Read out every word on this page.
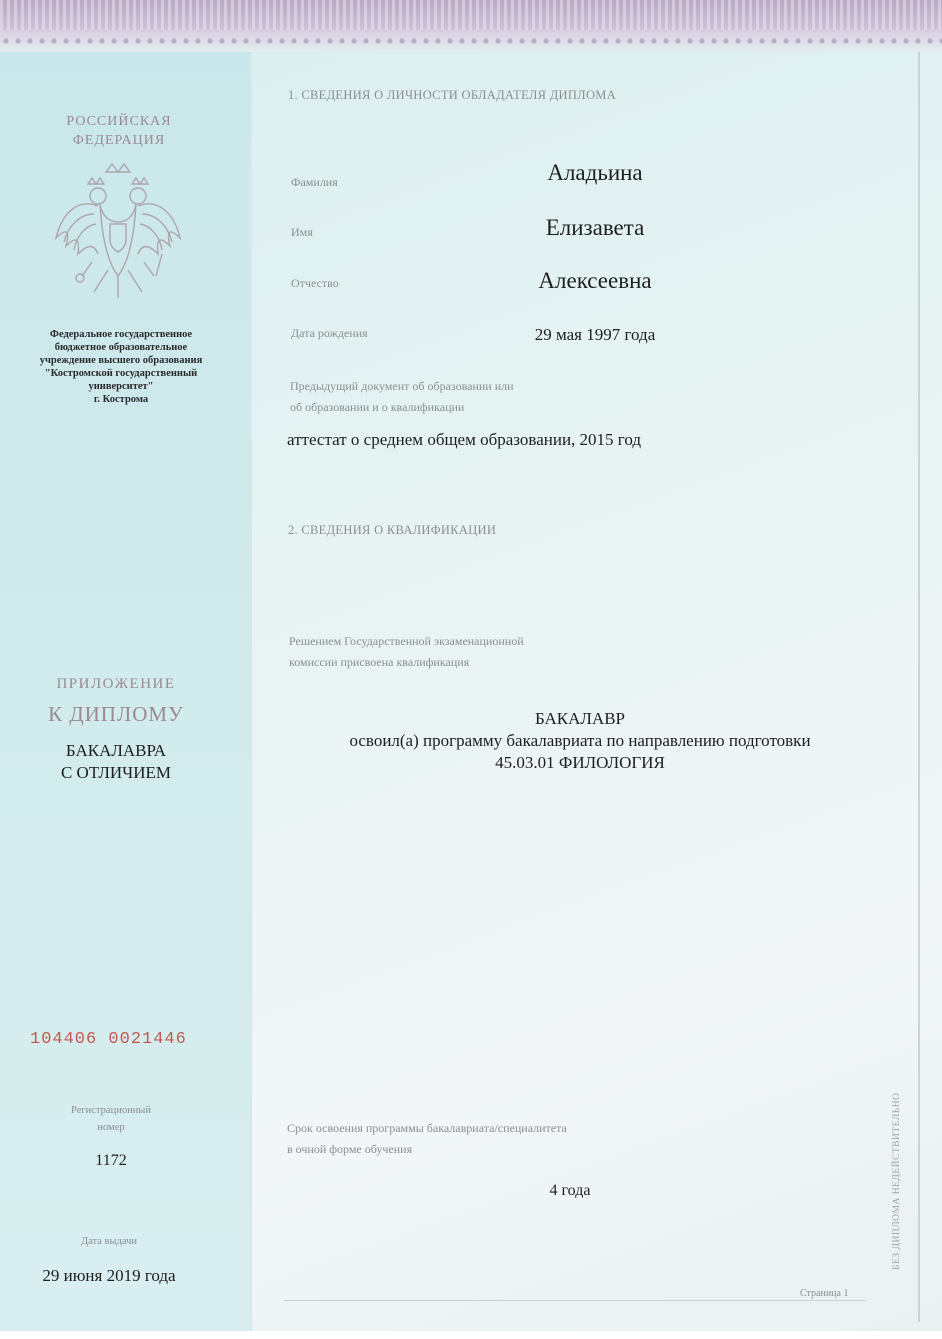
РОССИЙСКАЯ
ФЕДЕРАЦИЯ
Федеральное государственное
бюджетное образовательное
учреждение высшего образования
"Костромской государственный
университет"
г. Кострома
ПРИЛОЖЕНИЕ
К ДИПЛОМУ
БАКАЛАВРА
С ОТЛИЧИЕМ
104406 0021446
Регистрационный
номер
1172
Дата выдачи
29 июня 2019 года
1. СВЕДЕНИЯ О ЛИЧНОСТИ ОБЛАДАТЕЛЯ ДИПЛОМА
Фамилия	Аладьина
Имя	Елизавета
Отчество	Алексеевна
Дата рождения	29 мая 1997 года
Предыдущий документ об образовании или
об образовании и о квалификации
аттестат о среднем общем образовании, 2015 год
2. СВЕДЕНИЯ О КВАЛИФИКАЦИИ
Решением Государственной экзаменационной
комиссии присвоена квалификация
БАКАЛАВР
освоил(а) программу бакалавриата по направлению подготовки
45.03.01 ФИЛОЛОГИЯ
Срок освоения программы бакалавриата/специалитета
в очной форме обучения
4 года
Страница 1
БЕЗ ДИПЛОМА НЕДЕЙСТВИТЕЛЬНО
